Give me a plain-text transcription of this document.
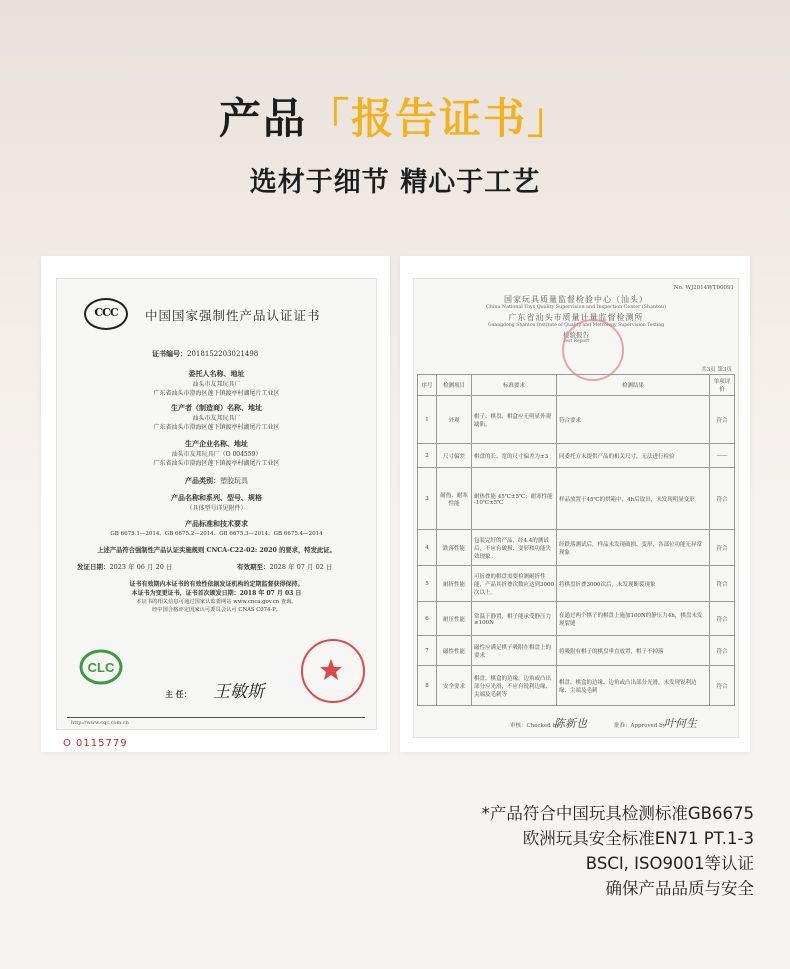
产品「报告证书」
选材于细节 精心于工艺
CCC	中国国家强制性产品认证证书
证书编号：2018152203021498
委托人名称、地址
汕头市友邦玩具厂
广东省汕头市澄海区莲下镇渡亭村湖尾片工业区
生产者（制造商）名称、地址
汕头市友邦玩具厂
广东省汕头市澄海区莲下镇渡亭村湖尾片工业区
生产企业名称、地址
汕头市友邦玩具厂（O 004559）
广东省汕头市澄海区莲下镇渡亭村湖尾片工业区
产品类别：塑胶玩具
产品名称和系列、型号、规格
（具体型号详见附件）
产品标准和技术要求
GB 6675.1—2014、GB 6675.2—2014、GB 6675.3—2014、GB 6675.4—2014
上述产品符合强制性产品认证实施规则 CNCA-C22-02: 2020 的要求，特发此证。
发证日期：2023 年 06 月 20 日	有效期至：2028 年 07 月 02 日
证书有效期内本证书的有效性依据发证机构的定期监督获得保持。
本证书为变更证书，证书首次颁发日期：2018 年 07 月 03 日
本证书的相关信息可通过国家认监委网站 www.cnca.gov.cn 查询。
经中国合格评定国家认可委员会认可 CNAS C074-P。
CLC
主 任： 王敏斯
http://www.cqc.com.cn
O 0115779
No. WJ2014WT00091
国家玩具质量监督检验中心（汕头）
China National Toys Quality Supervision and Inspection Center (Shantou)
广东省汕头市质量计量监督检测所
Guangdong Shantou Institute of Quality and Metrology Supervision Testing
检验报告
Test Report
共3页 第3页
序号	检测项目	标准要求	检测结果	单项评价
1	外观	棋子、棋盘、棋盒应无明显外观缺陷。	符合要求	符合
2	尺寸偏差	棋盘的长、宽的尺寸偏差为±3	同委托方未提供产品的相关尺寸，无法进行检验	——
3	耐热、耐寒性能	耐热性能 45℃±5℃；耐寒性能 -10℃±5℃	样品放置于45℃的烘箱中，4h后取出，未发现明显变形	符合
4	跌落性能	包装完好的产品，经4.4的测试后，不应有破损、变形和功能失效现象。	经跌落测试后，样品未发现破损、变形、各部位功能无异常现象	符合
5	耐折性能	可折叠的棋盘需要检测耐折性能，产品其折叠次数应达到3000次以上。	将棋盘折叠3000次后，未发现断裂现象	符合
6	耐压性能	常温下静置，棋子能承受静压力≥100N	在通过两个棋子的棋盘上施加100N的静压力4h，棋盘未发现裂缝	符合
7	磁性性能	磁性应满足棋子吸附在棋盘上的要求	将吸附有棋子的棋盘垂直放置，棋子不掉落	符合
8	安全要求	棋盘、棋盒的边缘，边角或凸出部分应光滑，不应有锐利边缘、尖端及毛刺等	棋盘、棋盒的边缘、边角或凸出部分光滑，未发现锐利边缘、尖端及毛刺	符合
审核：Checked by
陈新也	批准：Approved by
叶何生
*产品符合中国玩具检测标准GB6675
欧洲玩具安全标准EN71 PT.1-3
BSCI, ISO9001等认证
确保产品品质与安全
